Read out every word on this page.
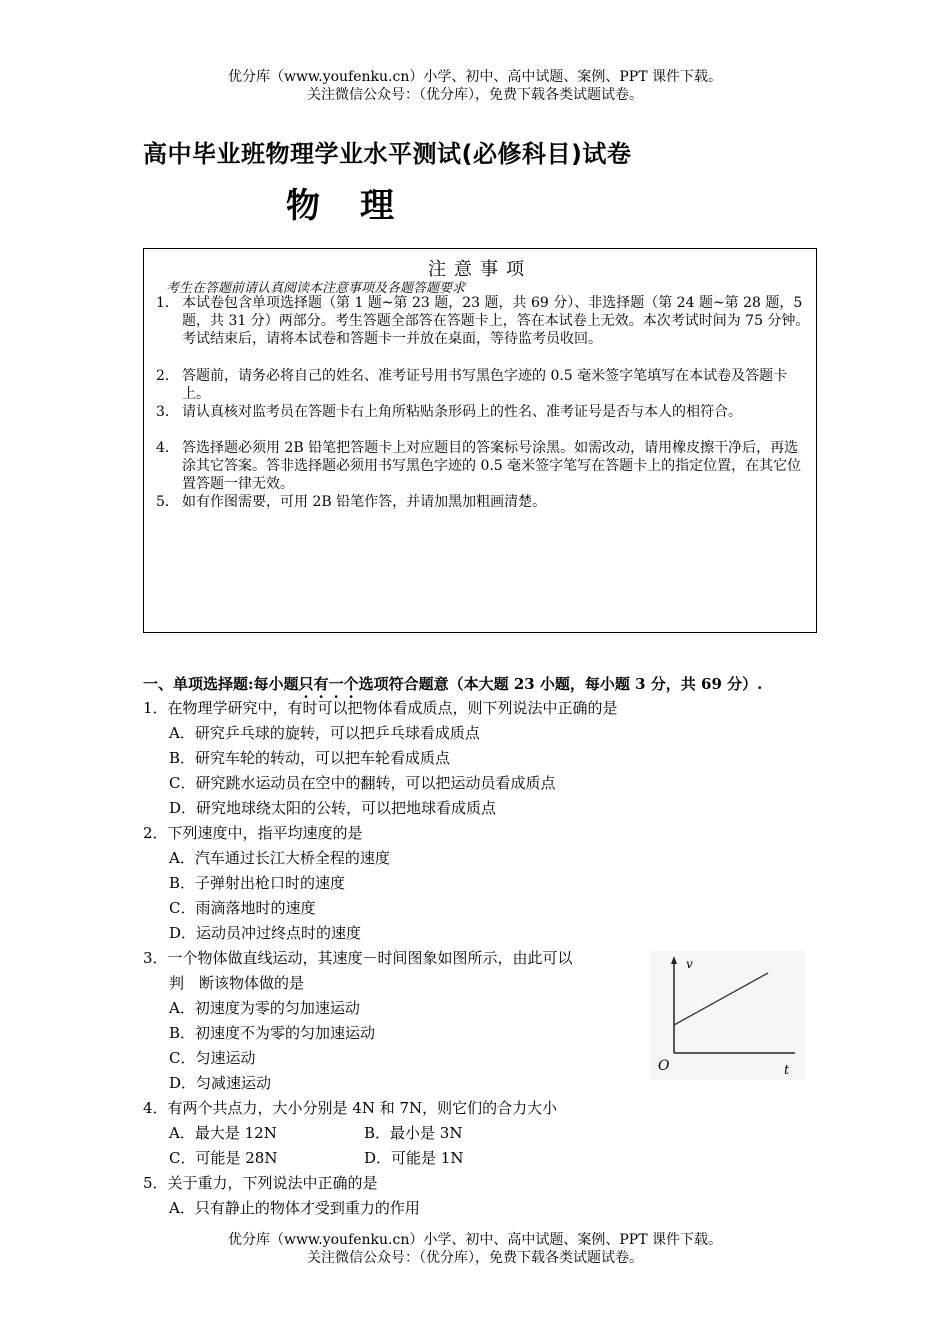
优分库（www.youfenku.cn）小学、初中、高中试题、案例、PPT 课件下载。
关注微信公众号：（优分库），免费下载各类试题试卷。
高中毕业班物理学业水平测试(必修科目)试卷
物理
注意事项
考生在答题前请认真阅读本注意事项及各题答题要求
1． 本试卷包含单项选择题（第 1 题~第 23 题，23 题，共 69 分）、非选择题（第 24 题~第 28 题，5 题，共 31 分）两部分。考生答题全部答在答题卡上，答在本试卷上无效。本次考试时间为 75 分钟。考试结束后，请将本试卷和答题卡一并放在桌面，等待监考员收回。
2． 答题前，请务必将自己的姓名、准考证号用书写黑色字迹的 0.5 毫米签字笔填写在本试卷及答题卡上。
3． 请认真核对监考员在答题卡右上角所粘贴条形码上的性名、准考证号是否与本人的相符合。
4． 答选择题必须用 2B 铅笔把答题卡上对应题目的答案标号涂黑。如需改动，请用橡皮擦干净后，再选涂其它答案。答非选择题必须用书写黑色字迹的 0.5 毫米签字笔写在答题卡上的指定位置，在其它位置答题一律无效。
5． 如有作图需要，可用 2B 铅笔作答，并请加黑加粗画清楚。
一、单项选择题:每小题只有一个选项符合题意（本大题 23 小题，每小题 3 分，共 69 分）.
1．在物理学研究中，有时可以把物体看成质点，则下列说法中正确的是
A．研究乒乓球的旋转，可以把乒乓球看成质点
B．研究车轮的转动，可以把车轮看成质点
C．研究跳水运动员在空中的翻转，可以把运动员看成质点
D．研究地球绕太阳的公转，可以把地球看成质点
2．下列速度中，指平均速度的是
A．汽车通过长江大桥全程的速度
B．子弹射出枪口时的速度
C．雨滴落地时的速度
D．运动员冲过终点时的速度
3．一个物体做直线运动，其速度－时间图象如图所示，由此可以
判　断该物体做的是
A．初速度为零的匀加速运动
B．初速度不为零的匀加速运动
C．匀速运动
D．匀减速运动
v
O	t
4．有两个共点力，大小分别是 4N 和 7N，则它们的合力大小
A．最大是 12N	B．最小是 3N
C．可能是 28N	D．可能是 1N
5．关于重力，下列说法中正确的是
A．只有静止的物体才受到重力的作用
优分库（www.youfenku.cn）小学、初中、高中试题、案例、PPT 课件下载。
关注微信公众号：（优分库），免费下载各类试题试卷。
